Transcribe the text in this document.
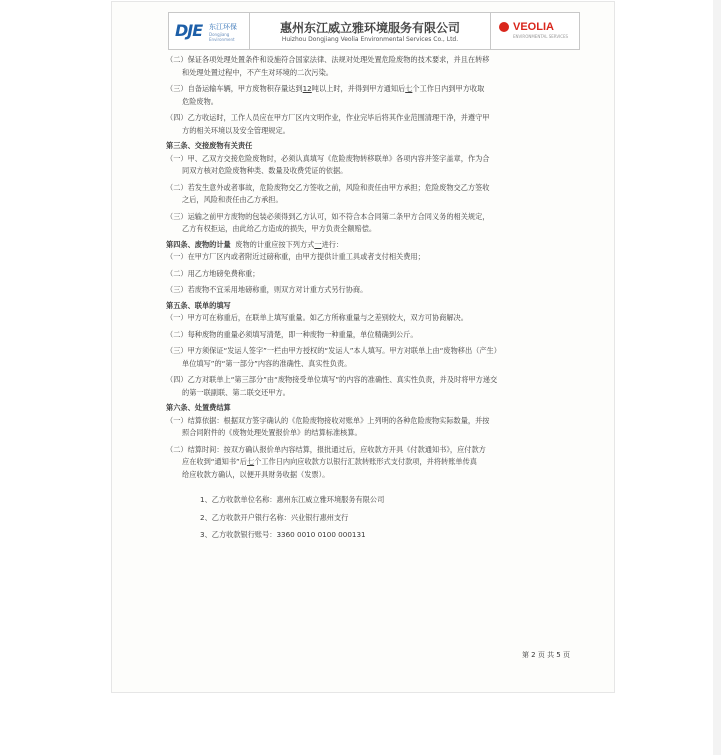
DJE 东江环保
Dongjiang Environment
惠州东江威立雅环境服务有限公司
Huizhou Dongjiang Veolia Environmental Services Co., Ltd.
VEOLIA
ENVIRONMENTAL SERVICES

（二）保证各项处理处置条件和设施符合国家法律、法规对处理处置危险废物的技术要求，并且在转移
和处理处置过程中，不产生对环境的二次污染。

（三）自备运输车辆，甲方废物积存量达到12吨以上时，并得到甲方通知后七个工作日内到甲方收取
危险废物。

（四）乙方收运时，工作人员应在甲方厂区内文明作业，作业完毕后将其作业范围清理干净，并遵守甲
方的相关环境以及安全管理规定。

第三条、交接废物有关责任

（一）甲、乙双方交接危险废物时，必须认真填写《危险废物转移联单》各项内容并签字盖章，作为合
同双方核对危险废物种类、数量及收费凭证的依据。

（二）若发生意外或者事故，危险废物交乙方签收之前，风险和责任由甲方承担；危险废物交乙方签收
之后，风险和责任由乙方承担。

（三）运输之前甲方废物的包装必须得到乙方认可，如不符合本合同第二条甲方合同义务的相关规定，
乙方有权拒运，由此给乙方造成的损失，甲方负责全额赔偿。

第四条、废物的计量 废物的计重应按下列方式一进行：

（一）在甲方厂区内或者附近过磅称重，由甲方提供计重工具或者支付相关费用；

（二）用乙方地磅免费称重；

（三）若废物不宜采用地磅称重，则双方对计重方式另行协商。

第五条、联单的填写

（一）甲方可在称重后，在联单上填写重量。如乙方所称重量与之差别较大，双方可协商解决。

（二）每种废物的重量必须填写清楚，即一种废物一种重量，单位精确到公斤。

（三）甲方须保证“发运人签字”一栏由甲方授权的“发运人”本人填写。甲方对联单上由“废物移出（产生）
单位填写”的“第一部分”内容的准确性、真实性负责。

（四）乙方对联单上“第三部分”由“废物接受单位填写”的内容的准确性、真实性负责，并及时将甲方递交
的第一联副联、第二联交还甲方。

第六条、处置费结算

（一）结算依据：根据双方签字确认的《危险废物接收对账单》上列明的各种危险废物实际数量，并按
照合同附件的《废物处理处置报价单》的结算标准核算。

（二）结算时间：按双方确认报价单内容结算，报批通过后，应收款方开具《付款通知书》，应付款方
应在收到“通知书”后七个工作日内向应收款方以银行汇款转账形式支付款项，并将转账单传真
给应收款方确认，以便开具财务收据（发票）。

1、乙方收款单位名称：惠州东江威立雅环境服务有限公司

2、乙方收款开户银行名称：兴业银行惠州支行

3、乙方收款银行账号：3360 0010 0100 000131

第 2 页 共 5 页
